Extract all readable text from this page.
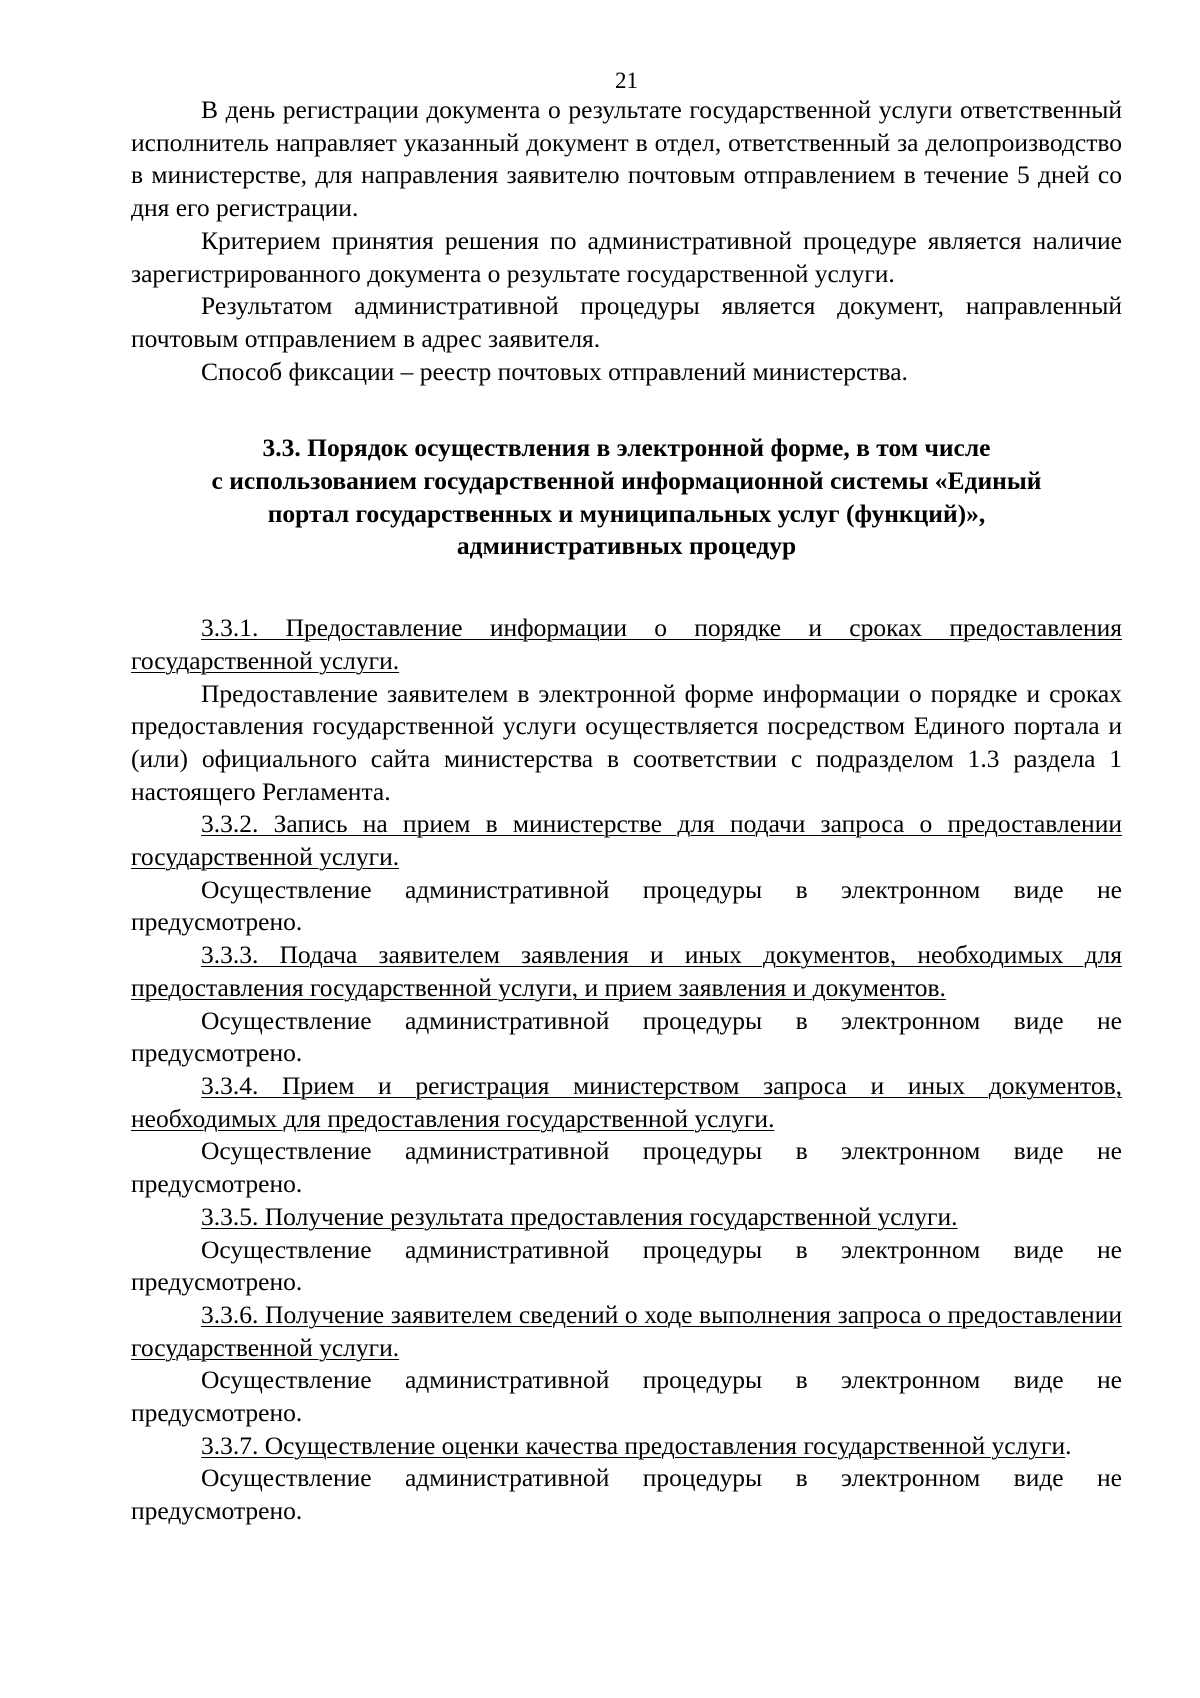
21

В день регистрации документа о результате государственной услуги ответственный исполнитель направляет указанный документ в отдел, ответственный за делопроизводство в министерстве, для направления заявителю почтовым отправлением в течение 5 дней со дня его регистрации.

Критерием принятия решения по административной процедуре является наличие зарегистрированного документа о результате государственной услуги.

Результатом административной процедуры является документ, направленный почтовым отправлением в адрес заявителя.

Способ фиксации – реестр почтовых отправлений министерства.

3.3. Порядок осуществления в электронной форме, в том числе
с использованием государственной информационной системы «Единый
портал государственных и муниципальных услуг (функций)»,
административных процедур

3.3.1. Предоставление информации о порядке и сроках предоставления государственной услуги.

Предоставление заявителем в электронной форме информации о порядке и сроках предоставления государственной услуги осуществляется посредством Единого портала и (или) официального сайта министерства в соответствии с подразделом 1.3 раздела 1 настоящего Регламента.

3.3.2. Запись на прием в министерстве для подачи запроса о предоставлении государственной услуги.

Осуществление административной процедуры в электронном виде не предусмотрено.

3.3.3. Подача заявителем заявления и иных документов, необходимых для предоставления государственной услуги, и прием заявления и документов.

Осуществление административной процедуры в электронном виде не предусмотрено.

3.3.4. Прием и регистрация министерством запроса и иных документов, необходимых для предоставления государственной услуги.

Осуществление административной процедуры в электронном виде не предусмотрено.

3.3.5. Получение результата предоставления государственной услуги.

Осуществление административной процедуры в электронном виде не предусмотрено.

3.3.6. Получение заявителем сведений о ходе выполнения запроса о предоставлении государственной услуги.

Осуществление административной процедуры в электронном виде не предусмотрено.

3.3.7. Осуществление оценки качества предоставления государственной услуги.

Осуществление административной процедуры в электронном виде не предусмотрено.
